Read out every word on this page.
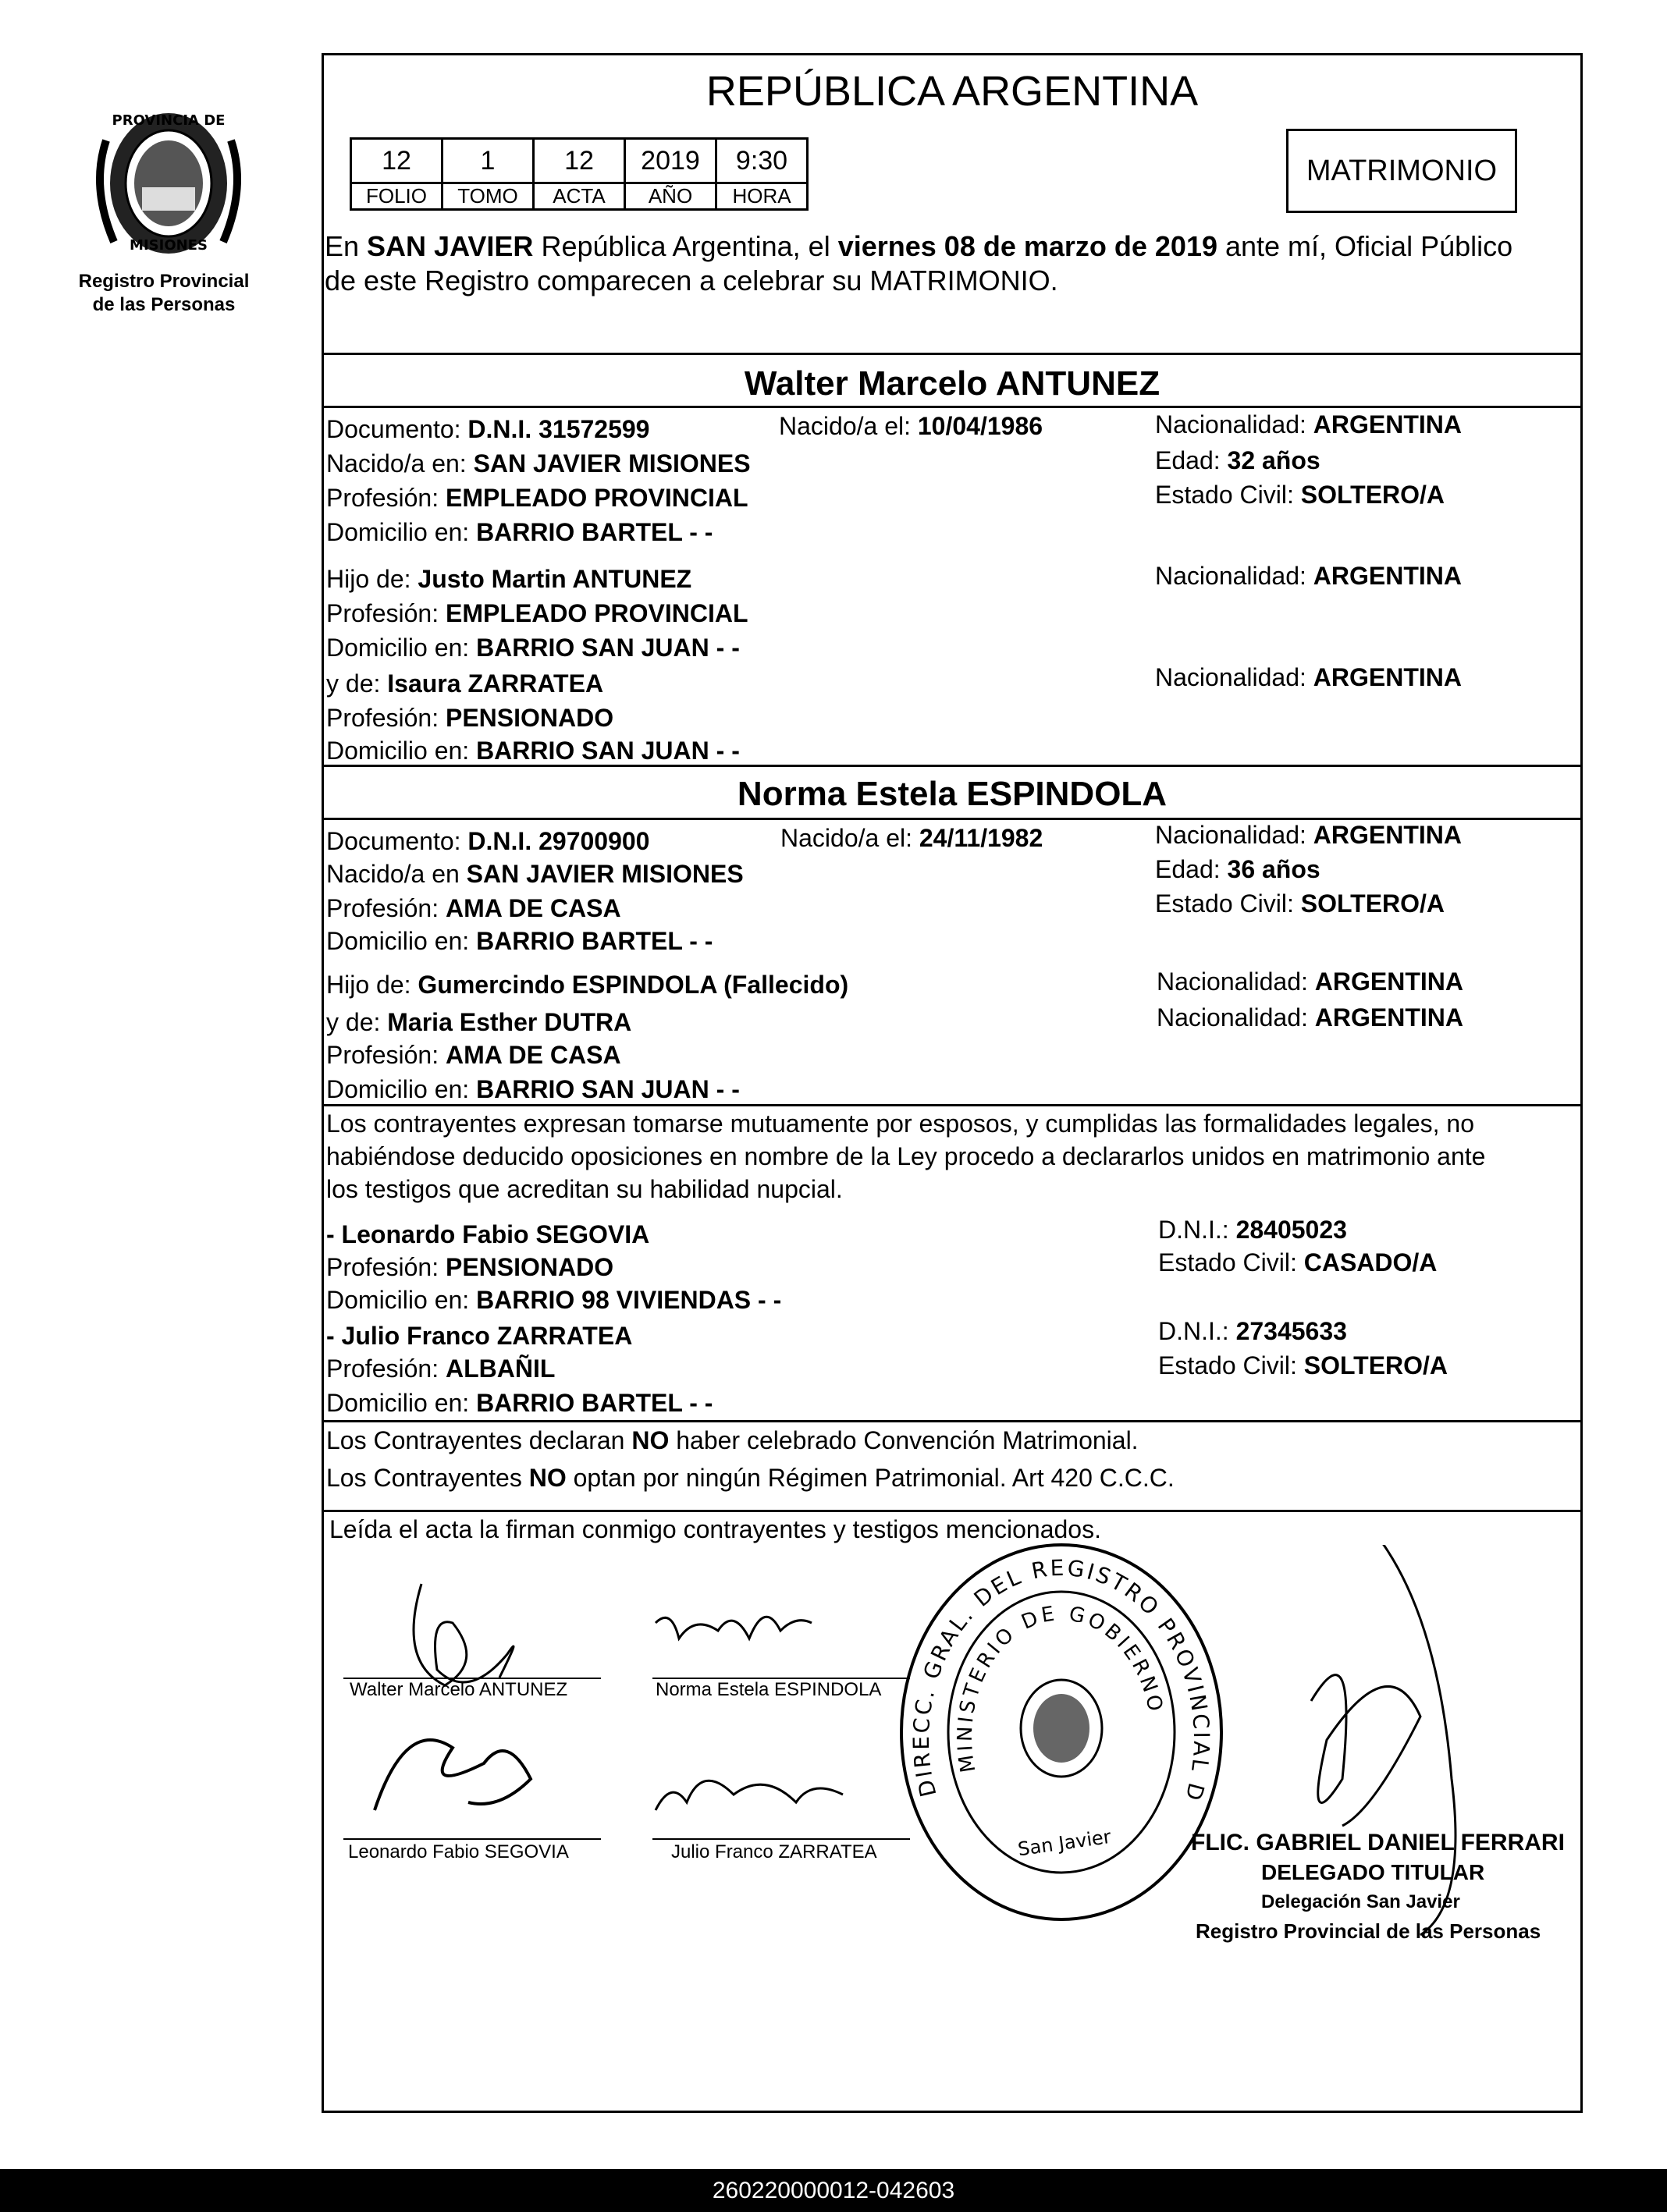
PROVINCIA DE
MISIONES
Registro Provincial
de las Personas
REPÚBLICA ARGENTINA
12	1	12	2019	9:30
FOLIO	TOMO	ACTA	AÑO	HORA
MATRIMONIO
En SAN JAVIER República Argentina, el viernes 08 de marzo de 2019 ante mí, Oficial Público
de este Registro comparecen a celebrar su MATRIMONIO.
Walter Marcelo ANTUNEZ
Documento: D.N.I. 31572599	Nacido/a el: 10/04/1986	Nacionalidad: ARGENTINA
Nacido/a en: SAN JAVIER MISIONES	Edad: 32 años
Profesión: EMPLEADO PROVINCIAL	Estado Civil: SOLTERO/A
Domicilio en: BARRIO BARTEL - -
Hijo de: Justo Martin ANTUNEZ	Nacionalidad: ARGENTINA
Profesión: EMPLEADO PROVINCIAL
Domicilio en: BARRIO SAN JUAN - -
y de: Isaura ZARRATEA	Nacionalidad: ARGENTINA
Profesión: PENSIONADO
Domicilio en: BARRIO SAN JUAN - -
Norma Estela ESPINDOLA
Documento: D.N.I. 29700900	Nacido/a el: 24/11/1982	Nacionalidad: ARGENTINA
Nacido/a en SAN JAVIER MISIONES	Edad: 36 años
Profesión: AMA DE CASA	Estado Civil: SOLTERO/A
Domicilio en: BARRIO BARTEL - -
Hijo de: Gumercindo ESPINDOLA (Fallecido)	Nacionalidad: ARGENTINA
y de: Maria Esther DUTRA	Nacionalidad: ARGENTINA
Profesión: AMA DE CASA
Domicilio en: BARRIO SAN JUAN - -
Los contrayentes expresan tomarse mutuamente por esposos, y cumplidas las formalidades legales, no
habiéndose deducido oposiciones en nombre de la Ley procedo a declararlos unidos en matrimonio ante
los testigos que acreditan su habilidad nupcial.
- Leonardo Fabio SEGOVIA	D.N.I.: 28405023
Profesión: PENSIONADO	Estado Civil: CASADO/A
Domicilio en: BARRIO 98 VIVIENDAS - -
- Julio Franco ZARRATEA	D.N.I.: 27345633
Profesión: ALBAÑIL	Estado Civil: SOLTERO/A
Domicilio en: BARRIO BARTEL - -
Los Contrayentes declaran NO haber celebrado Convención Matrimonial.
Los Contrayentes NO optan por ningún Régimen Patrimonial. Art 420 C.C.C.
Leída el acta la firman conmigo contrayentes y testigos mencionados.
Walter Marcelo ANTUNEZ	Norma Estela ESPINDOLA
Leonardo Fabio SEGOVIA	Julio Franco ZARRATEA
DIRECC. GRAL. DEL REGISTRO PROVINCIAL D
MINISTERIO DE GOBIERNO
San Javier	FLIC. GABRIEL DANIEL FERRARI
DELEGADO TITULAR
Delegación San Javier
Registro Provincial de las Personas
260220000012-042603
